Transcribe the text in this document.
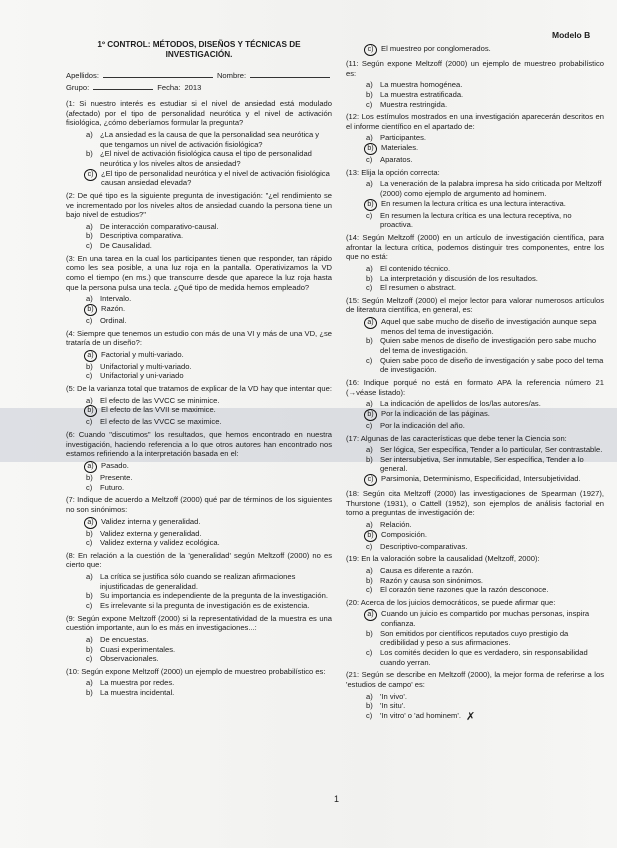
Modelo B
1º CONTROL: MÉTODOS, DISEÑOS Y TÉCNICAS DE INVESTIGACIÓN.
Apellidos:	Nombre:
Grupo:	Fecha: 2013
(1: Si nuestro interés es estudiar si el nivel de ansiedad está modulado (afectado) por el tipo de personalidad neurótica y el nivel de activación fisiológica, ¿cómo deberíamos formular la pregunta?
a) ¿La ansiedad es la causa de que la personalidad sea neurótica y que tengamos un nivel de activación fisiológica?
b) ¿El nivel de activación fisiológica causa el tipo de personalidad neurótica y los niveles altos de ansiedad?
c) ¿El tipo de personalidad neurótica y el nivel de activación fisiológica causan ansiedad elevada?
(2: De qué tipo es la siguiente pregunta de investigación: "¿el rendimiento se ve incrementado por los niveles altos de ansiedad cuando la persona tiene un bajo nivel de estudios?"
a) De interacción comparativo-causal.
b) Descriptiva comparativa.
c)	De Causalidad.
(3: En una tarea en la cual los participantes tienen que responder, tan rápido como les sea posible, a una luz roja en la pantalla. Operativizamos la VD como el tiempo (en ms.) que transcurre desde que aparece la luz roja hasta que la persona pulsa una tecla. ¿Qué tipo de medida hemos empleado?
a) Intervalo.
b) Razón.
c)	Ordinal.
(4: Siempre que tenemos un estudio con más de una VI y más de una VD, ¿se trataría de un diseño?:
a) Factorial y multi-variado.
b) Unifactorial y multi-variado.
c)	Unifactorial y uni-variado
(5: De la varianza total que tratamos de explicar de la VD hay que intentar que:
a) El efecto de las VVCC se minimice.
b) El efecto de las VVII se maximice.
c)	El efecto de las VVCC se maximice.
(6: Cuando "discutimos" los resultados, que hemos encontrado en nuestra investigación, haciendo referencia a lo que otros autores han encontrado nos estamos refiriendo a la interpretación basada en el:
a) Pasado.
b) Presente.
c)	Futuro.
(7: Indique de acuerdo a Meltzoff (2000) qué par de términos de los siguientes no son sinónimos:
a) Validez interna y generalidad.
b) Validez externa y generalidad.
c)	Validez externa y validez ecológica.
(8: En relación a la cuestión de la 'generalidad' según Meltzoff (2000) no es cierto que:
a) La crítica se justifica sólo cuando se realizan afirmaciones injustificadas de generalidad.
b) Su importancia es independiente de la pregunta de la investigación.
c)	Es irrelevante si la pregunta de investigación es de existencia.
(9: Según expone Meltzoff (2000) si la representatividad de la muestra es una cuestión importante, aun lo es más en investigaciones...:
a) De encuestas.
b) Cuasi experimentales.
c)	Observacionales.
(10: Según expone Meltzoff (2000) un ejemplo de muestreo probabilístico es:
a) La muestra por redes.
b) La muestra incidental.
c) El muestreo por conglomerados.
(11: Según expone Meltzoff (2000) un ejemplo de muestreo probabilístico es:
a) La muestra homogénea.
b) La muestra estratificada.
c)	Muestra restringida.
(12: Los estímulos mostrados en una investigación aparecerán descritos en el informe científico en el apartado de:
a) Participantes.
b) Materiales.
c)	Aparatos.
(13: Elija la opción correcta:
a) La veneración de la palabra impresa ha sido criticada por Meltzoff (2000) como ejemplo de argumento ad hominem.
b) En resumen la lectura crítica es una lectura interactiva.
c)	En resumen la lectura crítica es una lectura receptiva, no proactiva.
(14: Según Meltzoff (2000) en un artículo de investigación científica, para afrontar la lectura crítica, podemos distinguir tres componentes, entre los que no está:
a) El contenido técnico.
b) La interpretación y discusión de los resultados.
c)	El resumen o abstract.
(15: Según Meltzoff (2000) el mejor lector para valorar numerosos artículos de literatura científica, en general, es:
a) Aquel que sabe mucho de diseño de investigación aunque sepa menos del tema de investigación.
b) Quien sabe menos de diseño de investigación pero sabe mucho del tema de investigación.
c)	Quien sabe poco de diseño de investigación y sabe poco del tema de investigación.
(16: Indique porqué no está en formato APA la referencia número 21 (→véase listado):
a) La indicación de apellidos de los/las autores/as.
b) Por la indicación de las páginas.
c)	Por la indicación del año.
(17: Algunas de las características que debe tener la Ciencia son:
a) Ser lógica, Ser específica, Tender a lo particular, Ser contrastable.
b) Ser intersubjetiva, Ser inmutable, Ser específica, Tender a lo general.
c) Parsimonia, Determinismo, Especificidad, Intersubjetividad.
(18: Según cita Meltzoff (2000) las investigaciones de Spearman (1927), Thurstone (1931), o Cattell (1952), son ejemplos de análisis factorial en torno a preguntas de investigación de:
a) Relación.
b) Composición.
c)	Descriptivo-comparativas.
(19: En la valoración sobre la causalidad (Meltzoff, 2000):
a) Causa es diferente a razón.
b) Razón y causa son sinónimos.
c)	El corazón tiene razones que la razón desconoce.
(20: Acerca de los juicios democráticos, se puede afirmar que:
a) Cuando un juicio es compartido por muchas personas, inspira confianza.
b) Son emitidos por científicos reputados cuyo prestigio da credibilidad y peso a sus afirmaciones.
c)	Los comités deciden lo que es verdadero, sin responsabilidad cuando yerran.
(21: Según se describe en Meltzoff (2000), la mejor forma de referirse a los 'estudios de campo' es:
a) 'In vivo'.
b) 'In situ'.
c)	'In vitro' o 'ad hominem'. ✗
1
